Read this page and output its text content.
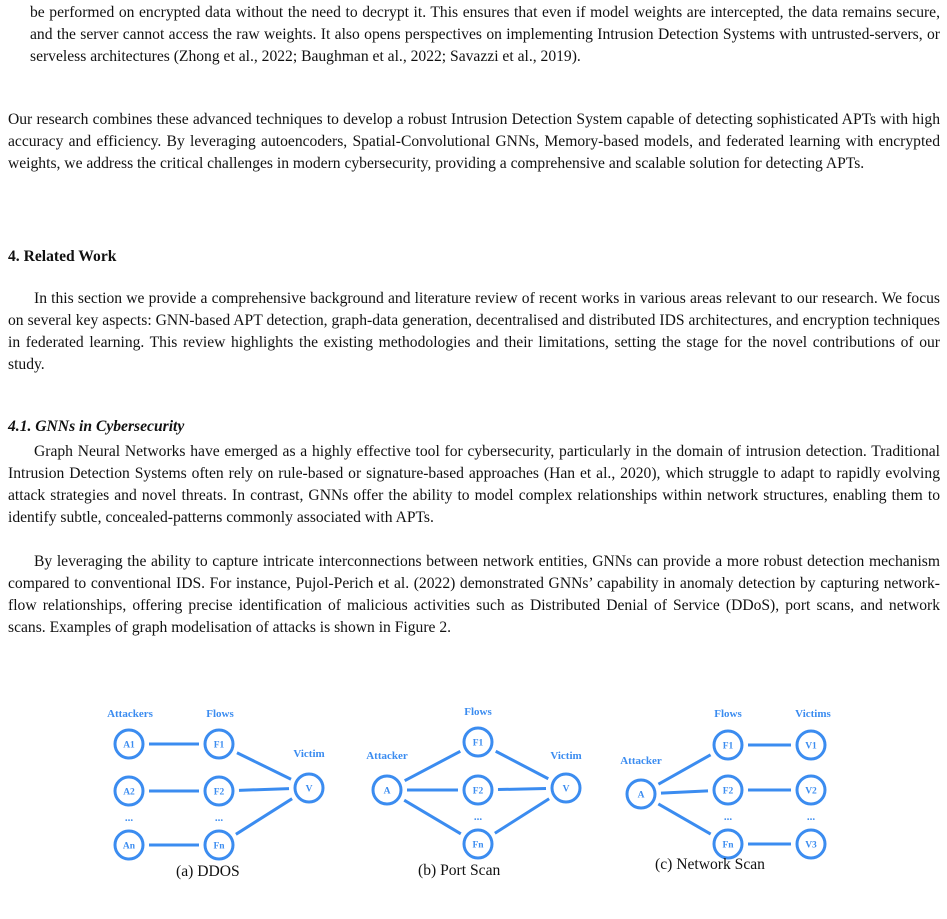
be performed on encrypted data without the need to decrypt it. This ensures that even if model weights are intercepted, the data remains secure, and the server cannot access the raw weights. It also opens perspectives on implementing Intrusion Detection Systems with untrusted-servers, or serveless architectures (Zhong et al., 2022; Baughman et al., 2022; Savazzi et al., 2019).

Our research combines these advanced techniques to develop a robust Intrusion Detection System capable of detecting sophisticated APTs with high accuracy and efficiency. By leveraging autoencoders, Spatial-Convolutional GNNs, Memory-based models, and federated learning with encrypted weights, we address the critical challenges in modern cybersecurity, providing a comprehensive and scalable solution for detecting APTs.

4. Related Work

In this section we provide a comprehensive background and literature review of recent works in various areas relevant to our research. We focus on several key aspects: GNN-based APT detection, graph-data generation, decentralised and distributed IDS architectures, and encryption techniques in federated learning. This review highlights the existing methodologies and their limitations, setting the stage for the novel contributions of our study.

4.1. GNNs in Cybersecurity

Graph Neural Networks have emerged as a highly effective tool for cybersecurity, particularly in the domain of intrusion detection. Traditional Intrusion Detection Systems often rely on rule-based or signature-based approaches (Han et al., 2020), which struggle to adapt to rapidly evolving attack strategies and novel threats. In contrast, GNNs offer the ability to model complex relationships within network structures, enabling them to identify subtle, concealed-patterns commonly associated with APTs.

By leveraging the ability to capture intricate interconnections between network entities, GNNs can provide a more robust detection mechanism compared to conventional IDS. For instance, Pujol-Perich et al. (2022) demonstrated GNNs’ capability in anomaly detection by capturing network-flow relationships, offering precise identification of malicious activities such as Distributed Denial of Service (DDoS), port scans, and network scans. Examples of graph modelisation of attacks is shown in Figure 2.

Attackers	Flows
Victim
A1
A2
An
F1
F2
Fn
V
...	...
Attacker
Flows
Victim
A
F1
F2
Fn
V
...
Attacker
Flows	Victims
A
F1
F2
Fn
V1
V2
V3
...	...
(a) DDOS	(b) Port Scan	(c) Network Scan
